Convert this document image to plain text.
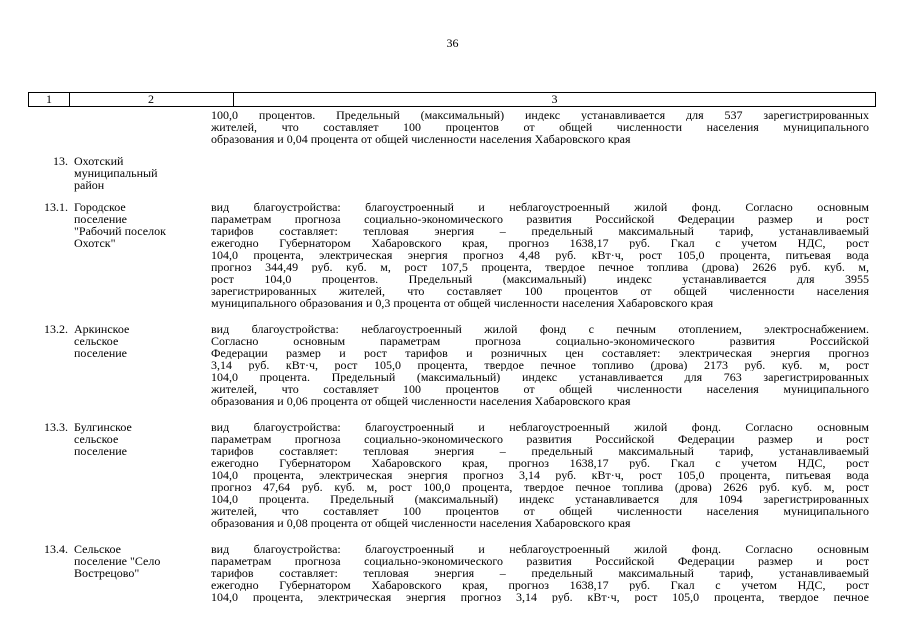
36
1	2	3
100,0 процентов. Предельный (максимальный) индекс устанавливается для 537 зарегистрированных
жителей, что составляет 100 процентов от общей численности населения муниципального
образования и 0,04 процента от общей численности населения Хабаровского края
13. Охотский
муниципальный
район
13.1. Городское
поселение
"Рабочий поселок
Охотск"
вид благоустройства: благоустроенный и неблагоустроенный жилой фонд. Согласно основным
параметрам прогноза социально-экономического развития Российской Федерации размер и рост
тарифов составляет: тепловая энергия – предельный максимальный тариф, устанавливаемый
ежегодно Губернатором Хабаровского края, прогноз 1638,17 руб. Гкал с учетом НДС, рост
104,0 процента, электрическая энергия прогноз 4,48 руб. кВт·ч, рост 105,0 процента, питьевая вода
прогноз 344,49 руб. куб. м, рост 107,5 процента, твердое печное топлива (дрова) 2626 руб. куб. м,
рост 104,0 процентов. Предельный (максимальный) индекс устанавливается для 3955
зарегистрированных жителей, что составляет 100 процентов от общей численности населения
муниципального образования и 0,3 процента от общей численности населения Хабаровского края
13.2. Аркинское
сельское
поселение
вид благоустройства: неблагоустроенный жилой фонд с печным отоплением, электроснабжением.
Согласно основным параметрам прогноза социально-экономического развития Российской
Федерации размер и рост тарифов и розничных цен составляет: электрическая энергия прогноз
3,14 руб. кВт·ч, рост 105,0 процента, твердое печное топливо (дрова) 2173 руб. куб. м, рост
104,0 процента. Предельный (максимальный) индекс устанавливается для 763 зарегистрированных
жителей, что составляет 100 процентов от общей численности населения муниципального
образования и 0,06 процента от общей численности населения Хабаровского края
13.3. Булгинское
сельское
поселение
вид благоустройства: благоустроенный и неблагоустроенный жилой фонд. Согласно основным
параметрам прогноза социально-экономического развития Российской Федерации размер и рост
тарифов составляет: тепловая энергия – предельный максимальный тариф, устанавливаемый
ежегодно Губернатором Хабаровского края, прогноз 1638,17 руб. Гкал с учетом НДС, рост
104,0 процента, электрическая энергия прогноз 3,14 руб. кВт·ч, рост 105,0 процента, питьевая вода
прогноз 47,64 руб. куб. м, рост 100,0 процента, твердое печное топлива (дрова) 2626 руб. куб. м, рост
104,0 процента. Предельный (максимальный) индекс устанавливается для 1094 зарегистрированных
жителей, что составляет 100 процентов от общей численности населения муниципального
образования и 0,08 процента от общей численности населения Хабаровского края
13.4. Сельское
поселение "Село
Вострецово"
вид благоустройства: благоустроенный и неблагоустроенный жилой фонд. Согласно основным
параметрам прогноза социально-экономического развития Российской Федерации размер и рост
тарифов составляет: тепловая энергия – предельный максимальный тариф, устанавливаемый
ежегодно Губернатором Хабаровского края, прогноз 1638,17 руб. Гкал с учетом НДС, рост
104,0 процента, электрическая энергия прогноз 3,14 руб. кВт·ч, рост 105,0 процента, твердое печное
